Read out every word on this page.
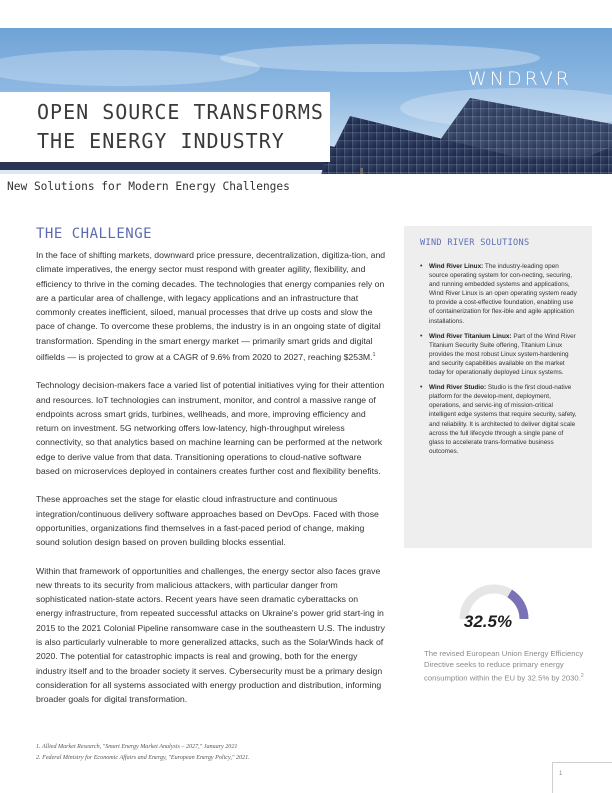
WNDRVR
OPEN SOURCE TRANSFORMS
THE ENERGY INDUSTRY
New Solutions for Modern Energy Challenges
THE CHALLENGE

In the face of shifting markets, downward price pressure, decentralization, digitiza-tion, and climate imperatives, the energy sector must respond with greater agility, flexibility, and efficiency to thrive in the coming decades. The technologies that energy companies rely on are a particular area of challenge, with legacy applications and an infrastructure that commonly creates inefficient, siloed, manual processes that drive up costs and slow the pace of change. To overcome these problems, the industry is in an ongoing state of digital transformation. Spending in the smart energy market — primarily smart grids and digital oilfields — is projected to grow at a CAGR of 9.6% from 2020 to 2027, reaching $253M.$^1$

Technology decision-makers face a varied list of potential initiatives vying for their attention and resources. IoT technologies can instrument, monitor, and control a massive range of endpoints across smart grids, turbines, wellheads, and more, improving efficiency and return on investment. 5G networking offers low-latency, high-throughput wireless connectivity, so that analytics based on machine learning can be performed at the network edge to derive value from that data. Transitioning operations to cloud-native software based on microservices deployed in containers creates further cost and flexibility benefits.

These approaches set the stage for elastic cloud infrastructure and continuous integration/continuous delivery software approaches based on DevOps. Faced with those opportunities, organizations find themselves in a fast-paced period of change, making sound solution design based on proven building blocks essential.

Within that framework of opportunities and challenges, the energy sector also faces grave new threats to its security from malicious attackers, with particular danger from sophisticated nation-state actors. Recent years have seen dramatic cyberattacks on energy infrastructure, from repeated successful attacks on Ukraine's power grid start-ing in 2015 to the 2021 Colonial Pipeline ransomware case in the southeastern U.S. The industry is also particularly vulnerable to more generalized attacks, such as the SolarWinds hack of 2020. The potential for catastrophic impacts is real and growing, both for the energy industry itself and to the broader society it serves. Cybersecurity must be a primary design consideration for all systems associated with energy production and distribution, informing broader goals for digital transformation.

WIND RIVER SOLUTIONS
• Wind River Linux: The industry-leading open source operating system for con-necting, securing, and running embedded systems and applications, Wind River Linux is an open operating system ready to provide a cost-effective foundation, enabling use of containerization for flex-ible and agile application installations.
• Wind River Titanium Linux: Part of the Wind River Titanium Security Suite offering, Titanium Linux provides the most robust Linux system-hardening and security capabilities available on the market today for operationally deployed Linux systems.
• Wind River Studio: Studio is the first cloud-native platform for the develop-ment, deployment, operations, and servic-ing of mission-critical intelligent edge systems that require security, safety, and reliability. It is architected to deliver digital scale across the full lifecycle through a single pane of glass to accelerate trans-formative business outcomes.
32.5%
The revised European Union Energy Efficiency Directive seeks to reduce primary energy consumption within the EU by 32.5% by 2030.$^2$
1. Allied Market Research, "Smart Energy Market Analysis – 2027," January 2021
2. Federal Ministry for Economic Affairs and Energy, "European Energy Policy," 2021.
1
